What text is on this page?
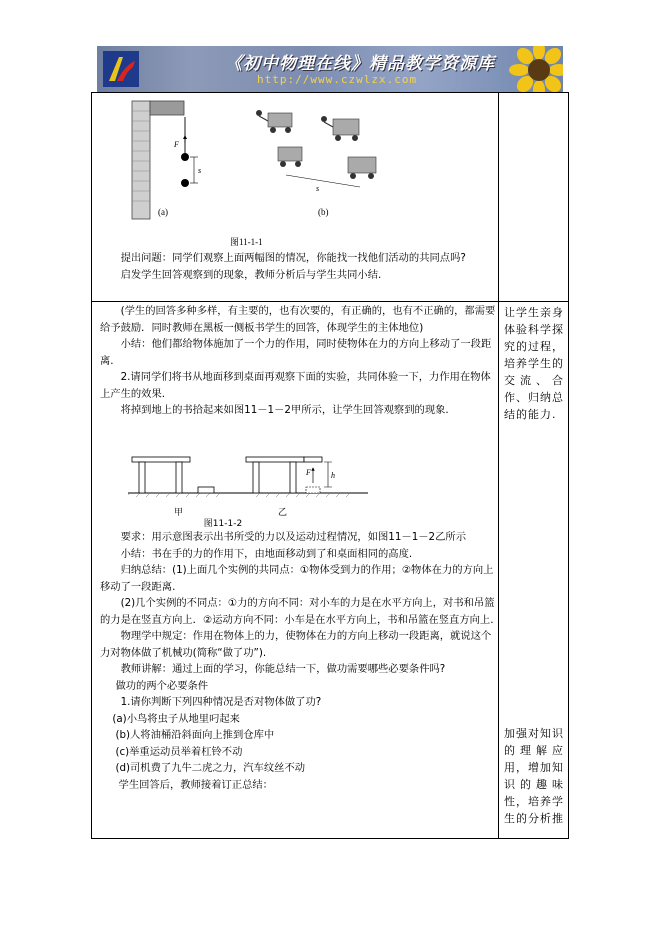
《初中物理在线》精品教学资源库
http://www.czwlzx.com
F
s
(a)
s
(b)
图11-1-1

提出问题：同学们观察上面两幅图的情况，你能找一找他们活动的共同点吗?

启发学生回答观察到的现象，教师分析后与学生共同小结.

(学生的回答多种多样，有主要的，也有次要的，有正确的，也有不正确的，都需要给予鼓励．同时教师在黑板一侧板书学生的回答，体现学生的主体地位)

小结：他们都给物体施加了一个力的作用，同时使物体在力的方向上移动了一段距离.

2.请同学们将书从地面移到桌面再观察下面的实验，共同体验一下，力作用在物体上产生的效果.

将掉到地上的书拾起来如图11－1－2甲所示，让学生回答观察到的现象.

甲
F	h
乙
图11-1-2

要求：用示意图表示出书所受的力以及运动过程情况，如图11－1－2乙所示

小结：书在手的力的作用下，由地面移动到了和桌面相同的高度.

归纳总结：(1)上面几个实例的共同点：①物体受到力的作用；②物体在力的方向上移动了一段距离.

(2)几个实例的不同点：①力的方向不同：对小车的力是在水平方向上，对书和吊篮的力是在竖直方向上．②运动方向不同：小车是在水平方向上，书和吊篮在竖直方向上.

物理学中规定：作用在物体上的力，使物体在力的方向上移动一段距离，就说这个力对物体做了机械功(简称“做了功”).

教师讲解：通过上面的学习，你能总结一下，做功需要哪些必要条件吗?

做功的两个必要条件

1.请你判断下列四种情况是否对物体做了功?

(a)小鸟将虫子从地里叼起来

(b)人将油桶沿斜面向上推到仓库中

(c)举重运动员举着杠铃不动

(d)司机费了九牛二虎之力，汽车纹丝不动

学生回答后，教师接着订正总结：

让学生亲身体验科学探究的过程，培养学生的交流、合作、归纳总结的能力.
加强对知识的理解应用，增加知识的趣味性，培养学生的分析推
